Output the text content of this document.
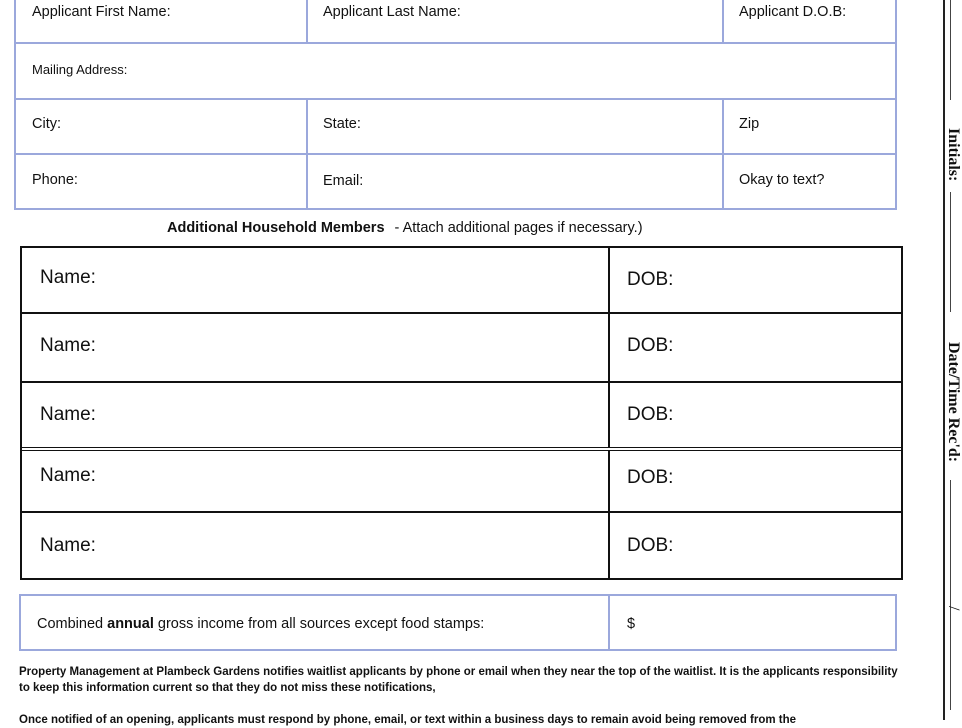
Applicant First Name:	Applicant Last Name:	Applicant D.O.B:
Mailing Address:
City:	State:	Zip
Phone:	Email:	Okay to text?
Additional Household Members - Attach additional pages if necessary.)
Name:	DOB:
Name:	DOB:
Name:	DOB:
Name:	DOB:
Name:	DOB:
Combined annual gross income from all sources except food stamps:	$
Property Management at Plambeck Gardens notifies waitlist applicants by phone or email when they near the top of the waitlist. It is the applicants responsibility to keep this information current so that they do not miss these notifications,
Once notified of an opening, applicants must respond by phone, email, or text within a business days to remain avoid being removed from the
Initials:
Date/Time Rec'd:
/
